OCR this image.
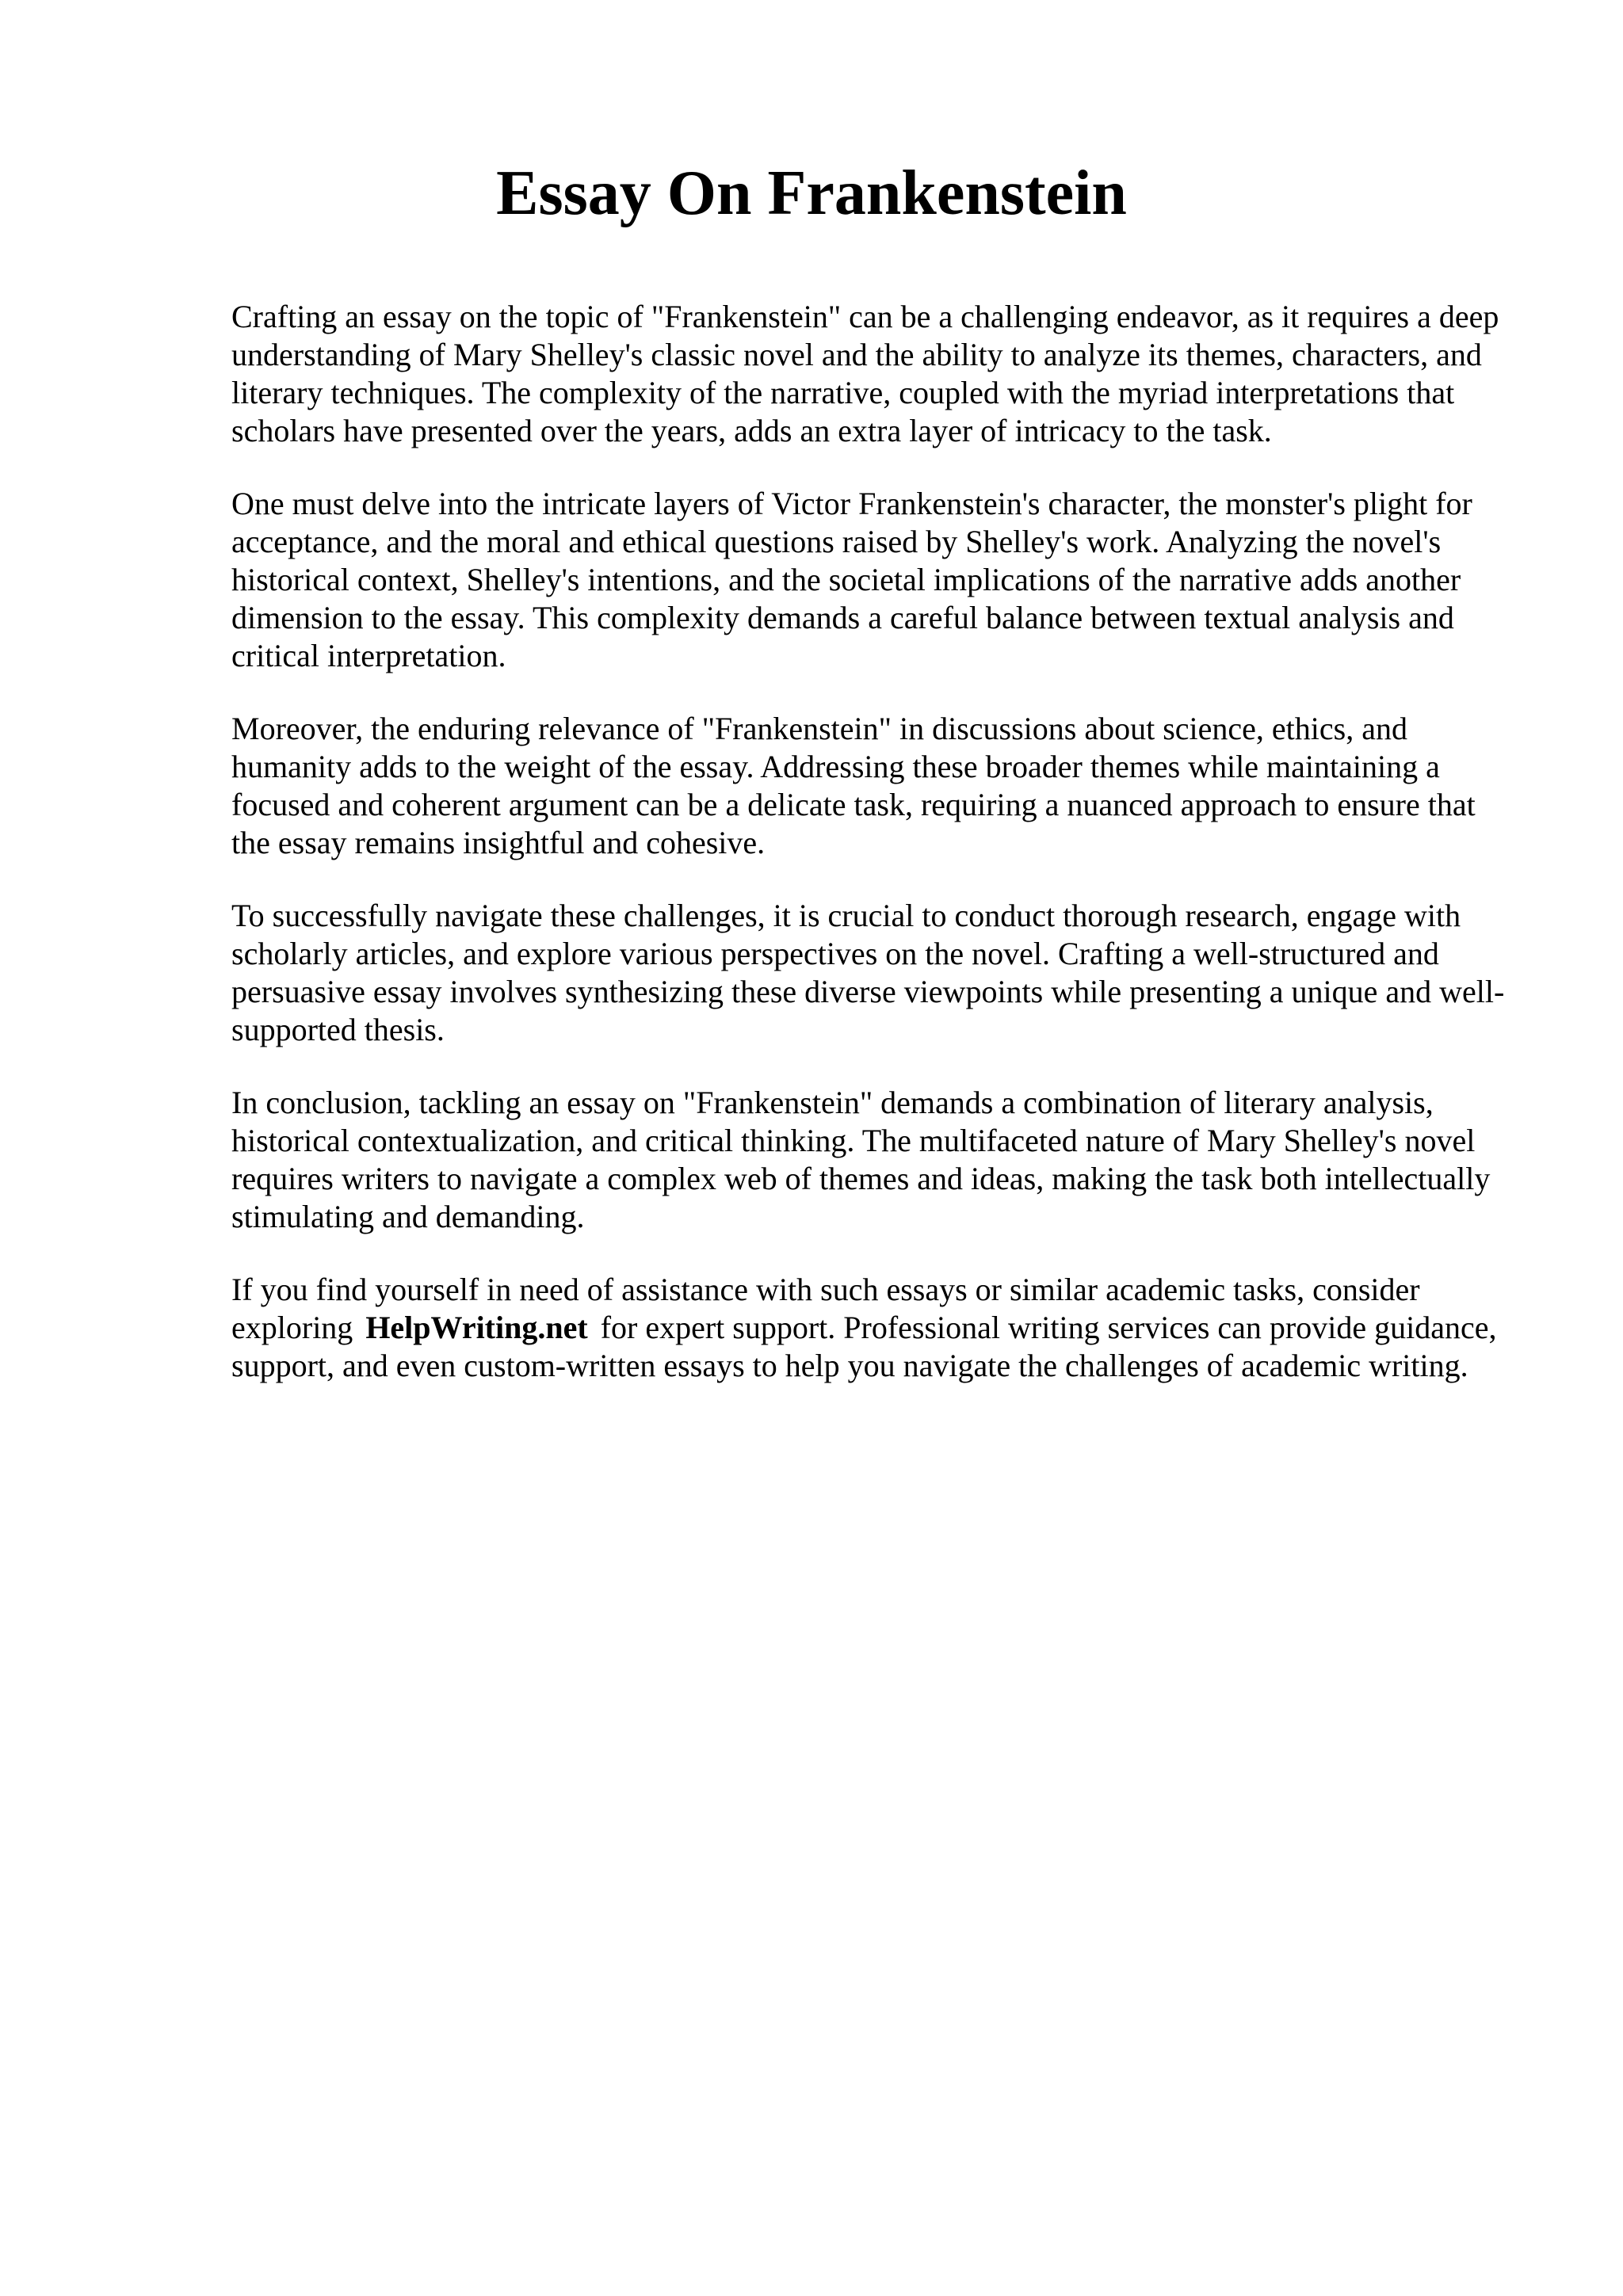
Essay On Frankenstein

Crafting an essay on the topic of "Frankenstein" can be a challenging endeavor, as it requires a deep understanding of Mary Shelley's classic novel and the ability to analyze its themes, characters, and literary techniques. The complexity of the narrative, coupled with the myriad interpretations that scholars have presented over the years, adds an extra layer of intricacy to the task.

One must delve into the intricate layers of Victor Frankenstein's character, the monster's plight for acceptance, and the moral and ethical questions raised by Shelley's work. Analyzing the novel's historical context, Shelley's intentions, and the societal implications of the narrative adds another dimension to the essay. This complexity demands a careful balance between textual analysis and critical interpretation.

Moreover, the enduring relevance of "Frankenstein" in discussions about science, ethics, and humanity adds to the weight of the essay. Addressing these broader themes while maintaining a focused and coherent argument can be a delicate task, requiring a nuanced approach to ensure that the essay remains insightful and cohesive.

To successfully navigate these challenges, it is crucial to conduct thorough research, engage with scholarly articles, and explore various perspectives on the novel. Crafting a well-structured and persuasive essay involves synthesizing these diverse viewpoints while presenting a unique and well-supported thesis.

In conclusion, tackling an essay on "Frankenstein" demands a combination of literary analysis, historical contextualization, and critical thinking. The multifaceted nature of Mary Shelley's novel requires writers to navigate a complex web of themes and ideas, making the task both intellectually stimulating and demanding.

If you find yourself in need of assistance with such essays or similar academic tasks, consider exploring HelpWriting.net for expert support. Professional writing services can provide guidance, support, and even custom-written essays to help you navigate the challenges of academic writing.
